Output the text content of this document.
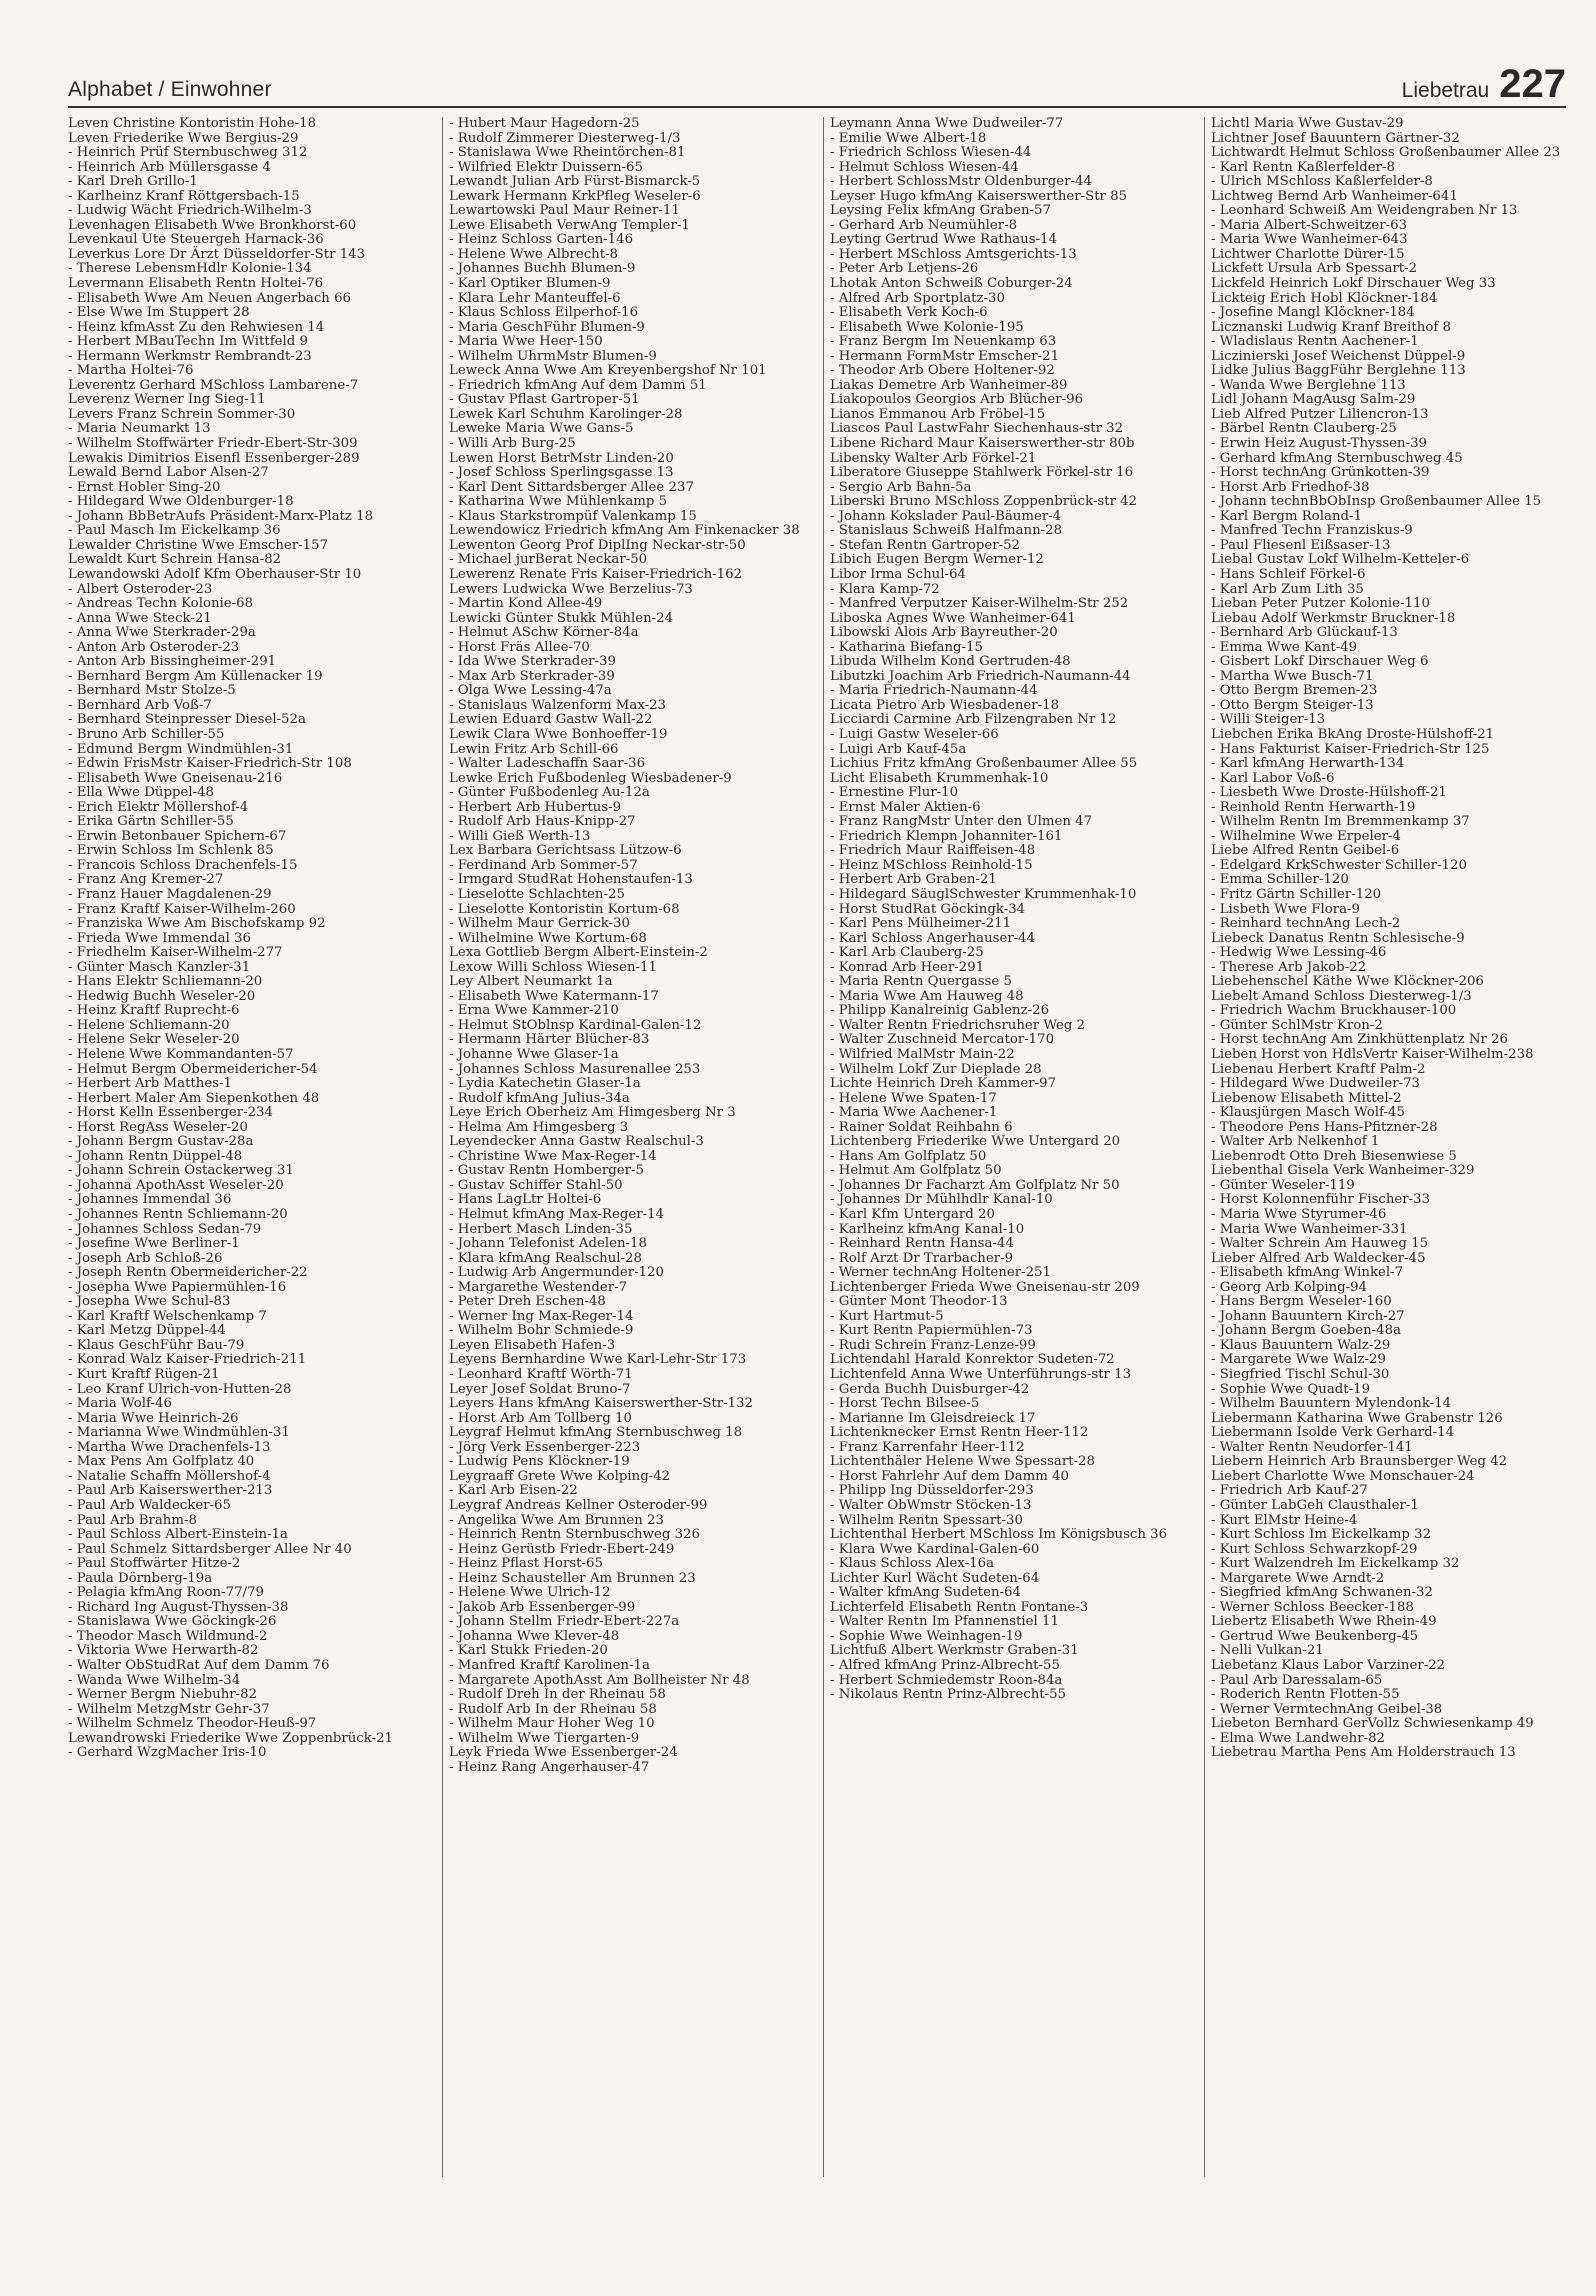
Alphabet / Einwohner	Liebetrau 227

Leven Christine Kontoristin Hohe-18

Leven Friederike Wwe Bergius-29

- Heinrich Prüf Sternbuschweg 312

- Heinrich Arb Müllersgasse 4

- Karl Dreh Grillo-1

- Karlheinz Kranf Röttgersbach-15

- Ludwig Wächt Friedrich-Wilhelm-3

Levenhagen Elisabeth Wwe Bronkhorst-60

Levenkaul Ute Steuergeh Harnack-36

Leverkus Lore Dr Ärzt Düsseldorfer-Str 143

- Therese LebensmHdlr Kolonie-134

Levermann Elisabeth Rentn Holtei-76

- Elisabeth Wwe Am Neuen Angerbach 66

- Else Wwe Im Stuppert 28

- Heinz kfmAsst Zu den Rehwiesen 14

- Herbert MBauTechn Im Wittfeld 9

- Hermann Werkmstr Rembrandt-23

- Martha Holtei-76

Leverentz Gerhard MSchloss Lambarene-7

Leverenz Werner Ing Sieg-11

Levers Franz Schrein Sommer-30

- Maria Neumarkt 13

- Wilhelm Stoffwärter Friedr-Ebert-Str-309

Lewakis Dimitrios Eisenfl Essenberger-289

Lewald Bernd Labor Alsen-27

- Ernst Hobler Sing-20

- Hildegard Wwe Oldenburger-18

- Johann BbBetrAufs Präsident-Marx-Platz 18

- Paul Masch Im Eickelkamp 36

Lewalder Christine Wwe Emscher-157

Lewaldt Kurt Schrein Hansa-82

Lewandowski Adolf Kfm Oberhauser-Str 10

- Albert Osteroder-23

- Andreas Techn Kolonie-68

- Anna Wwe Steck-21

- Anna Wwe Sterkrader-29a

- Anton Arb Osteroder-23

- Anton Arb Bissingheimer-291

- Bernhard Bergm Am Küllenacker 19

- Bernhard Mstr Stolze-5

- Bernhard Arb Voß-7

- Bernhard Steinpresser Diesel-52a

- Bruno Arb Schiller-55

- Edmund Bergm Windmühlen-31

- Edwin FrisMstr Kaiser-Friedrich-Str 108

- Elisabeth Wwe Gneisenau-216

- Ella Wwe Düppel-48

- Erich Elektr Möllershof-4

- Erika Gärtn Schiller-55

- Erwin Betonbauer Spichern-67

- Erwin Schloss Im Schlenk 85

- Francois Schloss Drachenfels-15

- Franz Ang Kremer-27

- Franz Hauer Magdalenen-29

- Franz Kraftf Kaiser-Wilhelm-260

- Franziska Wwe Am Bischofskamp 92

- Frieda Wwe Immendal 36

- Friedhelm Kaiser-Wilhelm-277

- Günter Masch Kanzler-31

- Hans Elektr Schliemann-20

- Hedwig Buchh Weseler-20

- Heinz Kraftf Ruprecht-6

- Helene Schliemann-20

- Helene Sekr Weseler-20

- Helene Wwe Kommandanten-57

- Helmut Bergm Obermeidericher-54

- Herbert Arb Matthes-1

- Herbert Maler Am Siepenkothen 48

- Horst Kelln Essenberger-234

- Horst RegAss Weseler-20

- Johann Bergm Gustav-28a

- Johann Rentn Düppel-48

- Johann Schrein Ostackerweg 31

- Johanna ApothAsst Weseler-20

- Johannes Immendal 36

- Johannes Rentn Schliemann-20

- Johannes Schloss Sedan-79

- Josefine Wwe Berliner-1

- Joseph Arb Schloß-26

- Joseph Rentn Obermeidericher-22

- Josepha Wwe Papiermühlen-16

- Josepha Wwe Schul-83

- Karl Kraftf Welschenkamp 7

- Karl Metzg Düppel-44

- Klaus GeschFühr Bau-79

- Konrad Walz Kaiser-Friedrich-211

- Kurt Kraftf Rügen-21

- Leo Kranf Ulrich-von-Hutten-28

- Maria Wolf-46

- Maria Wwe Heinrich-26

- Marianna Wwe Windmühlen-31

- Martha Wwe Drachenfels-13

- Max Pens Am Golfplatz 40

- Natalie Schaffn Möllershof-4

- Paul Arb Kaiserswerther-213

- Paul Arb Waldecker-65

- Paul Arb Brahm-8

- Paul Schloss Albert-Einstein-1a

- Paul Schmelz Sittardsberger Allee Nr 40

- Paul Stoffwärter Hitze-2

- Paula Dörnberg-19a

- Pelagia kfmAng Roon-77/79

- Richard Ing August-Thyssen-38

- Stanislawa Wwe Göckingk-26

- Theodor Masch Wildmund-2

- Viktoria Wwe Herwarth-82

- Walter ObStudRat Auf dem Damm 76

- Wanda Wwe Wilhelm-34

- Werner Bergm Niebuhr-82

- Wilhelm MetzgMstr Gehr-37

- Wilhelm Schmelz Theodor-Heuß-97

Lewandrowski Friederike Wwe Zoppenbrück-21

- Gerhard WzgMacher Iris-10

- Hubert Maur Hagedorn-25

- Rudolf Zimmerer Diesterweg-1/3

- Stanislawa Wwe Rheintörchen-81

- Wilfried Elektr Duissern-65

Lewandt Julian Arb Fürst-Bismarck-5

Lewark Hermann KrkPfleg Weseler-6

Lewartowski Paul Maur Reiner-11

Lewe Elisabeth VerwAng Templer-1

- Heinz Schloss Garten-146

- Helene Wwe Albrecht-8

- Johannes Buchh Blumen-9

- Karl Optiker Blumen-9

- Klara Lehr Manteuffel-6

- Klaus Schloss Eilperhof-16

- Maria GeschFühr Blumen-9

- Maria Wwe Heer-150

- Wilhelm UhrmMstr Blumen-9

Leweck Anna Wwe Am Kreyenbergshof Nr 101

- Friedrich kfmAng Auf dem Damm 51

- Gustav Pflast Gartroper-51

Lewek Karl Schuhm Karolinger-28

Leweke Maria Wwe Gans-5

- Willi Arb Burg-25

Lewen Horst BetrMstr Linden-20

- Josef Schloss Sperlingsgasse 13

- Karl Dent Sittardsberger Allee 237

- Katharina Wwe Mühlenkamp 5

- Klaus Starkstrompüf Valenkamp 15

Lewendowicz Friedrich kfmAng Am Finkenacker 38

Lewenton Georg Prof DiplIng Neckar-str-50

- Michael jurBerat Neckar-50

Lewerenz Renate Fris Kaiser-Friedrich-162

Lewers Ludwicka Wwe Berzelius-73

- Martin Kond Allee-49

Lewicki Günter Stukk Mühlen-24

- Helmut ASchw Körner-84a

- Horst Fräs Allee-70

- Ida Wwe Sterkrader-39

- Max Arb Sterkrader-39

- Olga Wwe Lessing-47a

- Stanislaus Walzenform Max-23

Lewien Eduard Gastw Wall-22

Lewik Clara Wwe Bonhoeffer-19

Lewin Fritz Arb Schill-66

- Walter Ladeschaffn Saar-36

Lewke Erich Fußbodenleg Wiesbadener-9

- Günter Fußbodenleg Au-12a

- Herbert Arb Hubertus-9

- Rudolf Arb Haus-Knipp-27

- Willi Gieß Werth-13

Lex Barbara Gerichtsass Lützow-6

- Ferdinand Arb Sommer-57

- Irmgard StudRat Hohenstaufen-13

- Lieselotte Schlachten-25

- Lieselotte Kontoristin Kortum-68

- Wilhelm Maur Gerrick-30

- Wilhelmine Wwe Kortum-68

Lexa Gottlieb Bergm Albert-Einstein-2

Lexow Willi Schloss Wiesen-11

Ley Albert Neumarkt 1a

- Elisabeth Wwe Katermann-17

- Erna Wwe Kammer-210

- Helmut StOblnsp Kardinal-Galen-12

- Hermann Härter Blücher-83

- Johanne Wwe Glaser-1a

- Johannes Schloss Masurenallee 253

- Lydia Katechetin Glaser-1a

- Rudolf kfmAng Julius-34a

Leye Erich Oberheiz Am Himgesberg Nr 3

- Helma Am Himgesberg 3

Leyendecker Anna Gastw Realschul-3

- Christine Wwe Max-Reger-14

- Gustav Rentn Homberger-5

- Gustav Schiffer Stahl-50

- Hans LagLtr Holtei-6

- Helmut kfmAng Max-Reger-14

- Herbert Masch Linden-35

- Johann Telefonist Adelen-18

- Klara kfmAng Realschul-28

- Ludwig Arb Angermunder-120

- Margarethe Westender-7

- Peter Dreh Eschen-48

- Werner Ing Max-Reger-14

- Wilhelm Bohr Schmiede-9

Leyen Elisabeth Hafen-3

Leyens Bernhardine Wwe Karl-Lehr-Str 173

- Leonhard Kraftf Wörth-71

Leyer Josef Soldat Bruno-7

Leyers Hans kfmAng Kaiserswerther-Str-132

- Horst Arb Am Tollberg 10

Leygraf Helmut kfmAng Sternbuschweg 18

- Jörg Verk Essenberger-223

- Ludwig Pens Klöckner-19

Leygraaff Grete Wwe Kolping-42

- Karl Arb Eisen-22

Leygraf Andreas Kellner Osteroder-99

- Angelika Wwe Am Brunnen 23

- Heinrich Rentn Sternbuschweg 326

- Heinz Gerüstb Friedr-Ebert-249

- Heinz Pflast Horst-65

- Heinz Schausteller Am Brunnen 23

- Helene Wwe Ulrich-12

- Jakob Arb Essenberger-99

- Johann Stellm Friedr-Ebert-227a

- Johanna Wwe Klever-48

- Karl Stukk Frieden-20

- Manfred Kraftf Karolinen-1a

- Margarete ApothAsst Am Bollheister Nr 48

- Rudolf Dreh In der Rheinau 58

- Rudolf Arb In der Rheinau 58

- Wilhelm Maur Hoher Weg 10

- Wilhelm Wwe Tiergarten-9

Leyk Frieda Wwe Essenberger-24

- Heinz Rang Angerhauser-47

Leymann Anna Wwe Dudweiler-77

- Emilie Wwe Albert-18

- Friedrich Schloss Wiesen-44

- Helmut Schloss Wiesen-44

- Herbert SchlossMstr Oldenburger-44

Leyser Hugo kfmAng Kaiserswerther-Str 85

Leysing Felix kfmAng Graben-57

- Gerhard Arb Neumühler-8

Leyting Gertrud Wwe Rathaus-14

- Herbert MSchloss Amtsgerichts-13

- Peter Arb Letjens-26

Lhotak Anton Schweiß Coburger-24

- Alfred Arb Sportplatz-30

- Elisabeth Verk Koch-6

- Elisabeth Wwe Kolonie-195

- Franz Bergm Im Neuenkamp 63

- Hermann FormMstr Emscher-21

- Theodor Arb Obere Holtener-92

Liakas Demetre Arb Wanheimer-89

Liakopoulos Georgios Arb Blücher-96

Lianos Emmanou Arb Fröbel-15

Liascos Paul LastwFahr Siechenhaus-str 32

Libene Richard Maur Kaiserswerther-str 80b

Libensky Walter Arb Förkel-21

Liberatore Giuseppe Stahlwerk Förkel-str 16

- Sergio Arb Bahn-5a

Liberski Bruno MSchloss Zoppenbrück-str 42

- Johann Kokslader Paul-Bäumer-4

- Stanislaus Schweiß Halfmann-28

- Stefan Rentn Gartroper-52

Libich Eugen Bergm Werner-12

Libor Irma Schul-64

- Klara Kamp-72

- Manfred Verputzer Kaiser-Wilhelm-Str 252

Liboska Agnes Wwe Wanheimer-641

Libowski Alois Arb Bayreuther-20

- Katharina Biefang-15

Libuda Wilhelm Kond Gertruden-48

Libutzki Joachim Arb Friedrich-Naumann-44

- Maria Friedrich-Naumann-44

Licata Pietro Arb Wiesbadener-18

Licciardi Carmine Arb Filzengraben Nr 12

- Luigi Gastw Weseler-66

- Luigi Arb Kauf-45a

Lichius Fritz kfmAng Großenbaumer Allee 55

Licht Elisabeth Krummenhak-10

- Ernestine Flur-10

- Ernst Maler Aktien-6

- Franz RangMstr Unter den Ulmen 47

- Friedrich Klempn Johanniter-161

- Friedrich Maur Raiffeisen-48

- Heinz MSchloss Reinhold-15

- Herbert Arb Graben-21

- Hildegard SäuglSchwester Krummenhak-10

- Horst StudRat Göckingk-34

- Karl Pens Mülheimer-211

- Karl Schloss Angerhauser-44

- Karl Arb Clauberg-25

- Konrad Arb Heer-291

- Maria Rentn Quergasse 5

- Maria Wwe Am Hauweg 48

- Philipp Kanalreinig Gablenz-26

- Walter Rentn Friedrichsruher Weg 2

- Walter Zuschneid Mercator-170

- Wilfried MalMstr Main-22

- Wilhelm Lokf Zur Dieplade 28

Lichte Heinrich Dreh Kammer-97

- Helene Wwe Spaten-17

- Maria Wwe Aachener-1

- Rainer Soldat Reihbahn 6

Lichtenberg Friederike Wwe Untergard 20

- Hans Am Golfplatz 50

- Helmut Am Golfplatz 50

- Johannes Dr Facharzt Am Golfplatz Nr 50

- Johannes Dr Mühlhdlr Kanal-10

- Karl Kfm Untergard 20

- Karlheinz kfmAng Kanal-10

- Reinhard Rentn Hansa-44

- Rolf Arzt Dr Trarbacher-9

- Werner technAng Holtener-251

Lichtenberger Frieda Wwe Gneisenau-str 209

- Günter Mont Theodor-13

- Kurt Hartmut-5

- Kurt Rentn Papiermühlen-73

- Rudi Schrein Franz-Lenze-99

Lichtendahl Harald Konrektor Sudeten-72

Lichtenfeld Anna Wwe Unterführungs-str 13

- Gerda Buchh Duisburger-42

- Horst Techn Bilsee-5

- Marianne Im Gleisdreieck 17

Lichtenknecker Ernst Rentn Heer-112

- Franz Karrenfahr Heer-112

Lichtenthäler Helene Wwe Spessart-28

- Horst Fahrlehr Auf dem Damm 40

- Philipp Ing Düsseldorfer-293

- Walter ObWmstr Stöcken-13

- Wilhelm Rentn Spessart-30

Lichtenthal Herbert MSchloss Im Königsbusch 36

- Klara Wwe Kardinal-Galen-60

- Klaus Schloss Alex-16a

Lichter Kurl Wächt Sudeten-64

- Walter kfmAng Sudeten-64

Lichterfeld Elisabeth Rentn Fontane-3

- Walter Rentn Im Pfannenstiel 11

- Sophie Wwe Weinhagen-19

Lichtfuß Albert Werkmstr Graben-31

- Alfred kfmAng Prinz-Albrecht-55

- Herbert Schmiedemstr Roon-84a

- Nikolaus Rentn Prinz-Albrecht-55

Lichtl Maria Wwe Gustav-29

Lichtner Josef Bauuntern Gärtner-32

Lichtwardt Helmut Schloss Großenbaumer Allee 23

- Karl Rentn Kaßlerfelder-8

- Ulrich MSchloss Kaßlerfelder-8

Lichtweg Bernd Arb Wanheimer-641

- Leonhard Schweiß Am Weidengraben Nr 13

- Maria Albert-Schweitzer-63

- Maria Wwe Wanheimer-643

Lichtwer Charlotte Dürer-15

Lickfett Ursula Arb Spessart-2

Lickfeld Heinrich Lokf Dirschauer Weg 33

Lickteig Erich Hobl Klöckner-184

- Josefine Mangl Klöckner-184

Licznanski Ludwig Kranf Breithof 8

- Wladislaus Rentn Aachener-1

Liczinierski Josef Weichenst Düppel-9

Lidke Julius BaggFühr Berglehne 113

- Wanda Wwe Berglehne 113

Lidl Johann MagAusg Salm-29

Lieb Alfred Putzer Liliencron-13

- Bärbel Rentn Clauberg-25

- Erwin Heiz August-Thyssen-39

- Gerhard kfmAng Sternbuschweg 45

- Horst technAng Grünkotten-39

- Horst Arb Friedhof-38

- Johann technBbObInsp Großenbaumer Allee 15

- Karl Bergm Roland-1

- Manfred Techn Franziskus-9

- Paul Fliesenl Eißsaser-13

Liebal Gustav Lokf Wilhelm-Ketteler-6

- Hans Schleif Förkel-6

- Karl Arb Zum Lith 35

Lieban Peter Putzer Kolonie-110

Liebau Adolf Werkmstr Bruckner-18

- Bernhard Arb Glückauf-13

- Emma Wwe Kant-49

- Gisbert Lokf Dirschauer Weg 6

- Martha Wwe Busch-71

- Otto Bergm Bremen-23

- Otto Bergm Steiger-13

- Willi Steiger-13

Liebchen Erika BkAng Droste-Hülshoff-21

- Hans Fakturist Kaiser-Friedrich-Str 125

- Karl kfmAng Herwarth-134

- Karl Labor Voß-6

- Liesbeth Wwe Droste-Hülshoff-21

- Reinhold Rentn Herwarth-19

- Wilhelm Rentn Im Bremmenkamp 37

- Wilhelmine Wwe Erpeler-4

Liebe Alfred Rentn Geibel-6

- Edelgard KrkSchwester Schiller-120

- Emma Schiller-120

- Fritz Gärtn Schiller-120

- Lisbeth Wwe Flora-9

- Reinhard technAng Lech-2

Liebeck Danatus Rentn Schlesische-9

- Hedwig Wwe Lessing-46

- Therese Arb Jakob-22

Liebehenschel Käthe Wwe Klöckner-206

Liebelt Amand Schloss Diesterweg-1/3

- Friedrich Wachm Bruckhauser-100

- Günter SchlMstr Kron-2

- Horst technAng Am Zinkhüttenplatz Nr 26

Lieben Horst von HdlsVertr Kaiser-Wilhelm-238

Liebenau Herbert Kraftf Palm-2

- Hildegard Wwe Dudweiler-73

Liebenow Elisabeth Mittel-2

- Klausjürgen Masch Wolf-45

- Theodore Pens Hans-Pfitzner-28

- Walter Arb Nelkenhof 1

Liebenrodt Otto Dreh Biesenwiese 5

Liebenthal Gisela Verk Wanheimer-329

- Günter Weseler-119

- Horst Kolonnenführ Fischer-33

- Maria Wwe Styrumer-46

- Maria Wwe Wanheimer-331

- Walter Schrein Am Hauweg 15

Lieber Alfred Arb Waldecker-45

- Elisabeth kfmAng Winkel-7

- Georg Arb Kolping-94

- Hans Bergm Weseler-160

- Johann Bauuntern Kirch-27

- Johann Bergm Goeben-48a

- Klaus Bauuntern Walz-29

- Margarete Wwe Walz-29

- Siegfried Tischl Schul-30

- Sophie Wwe Quadt-19

- Wilhelm Bauuntern Mylendonk-14

Liebermann Katharina Wwe Grabenstr 126

Liebermann Isolde Verk Gerhard-14

- Walter Rentn Neudorfer-141

Liebern Heinrich Arb Braunsberger Weg 42

Liebert Charlotte Wwe Monschauer-24

- Friedrich Arb Kauf-27

- Günter LabGeh Clausthaler-1

- Kurt ElMstr Heine-4

- Kurt Schloss Im Eickelkamp 32

- Kurt Schloss Schwarzkopf-29

- Kurt Walzendreh Im Eickelkamp 32

- Margarete Wwe Arndt-2

- Siegfried kfmAng Schwanen-32

- Werner Schloss Beecker-188

Liebertz Elisabeth Wwe Rhein-49

- Gertrud Wwe Beukenberg-45

- Nelli Vulkan-21

Liebetanz Klaus Labor Varziner-22

- Paul Arb Daressalam-65

- Roderich Rentn Flotten-55

- Werner VermtechnAng Geibel-38

Liebeton Bernhard GerVollz Schwiesenkamp 49

- Elma Wwe Landwehr-82

Liebetrau Martha Pens Am Holderstrauch 13
